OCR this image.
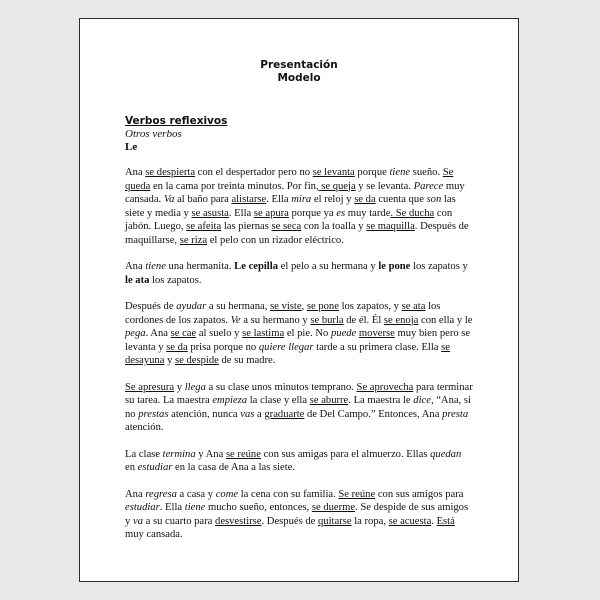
Presentación
Modelo
Verbos reflexivos
Otros verbos
Le

Ana se despierta con el despertador pero no se levanta porque tiene sueño. Se queda en la cama por treinta minutos. Por fin, se queja y se levanta. Parece muy cansada. Va al baño para alistarse. Ella mira el reloj y se da cuenta que son las siete y media y se asusta. Ella se apura porque ya es muy tarde. Se ducha con jabón. Luego, se afeita las piernas se seca con la toalla y se maquilla. Después de maquillarse, se riza el pelo con un rizador eléctrico.

Ana tiene una hermanita. Le cepilla el pelo a su hermana y le pone los zapatos y le ata los zapatos.

Después de ayudar a su hermana, se viste, se pone los zapatos, y se ata los cordones de los zapatos. Ve a su hermano y se burla de él. Él se enoja con ella y le pega. Ana se cae al suelo y se lastima el pie. No puede moverse muy bien pero se levanta y se da prisa porque no quiere llegar tarde a su primera clase. Ella se desayuna y se despide de su madre.

Se apresura y llega a su clase unos minutos temprano. Se aprovecha para terminar su tarea. La maestra empieza la clase y ella se aburre. La maestra le dice, “Ana, si no prestas atención, nunca vas a graduarte de Del Campo.” Entonces, Ana presta atención.

La clase termina y Ana se reúne con sus amigas para el almuerzo. Ellas quedan en estudiar en la casa de Ana a las siete.

Ana regresa a casa y come la cena con su familia. Se reúne con sus amigos para estudiar. Ella tiene mucho sueño, entonces, se duerme. Se despide de sus amigos y va a su cuarto para desvestirse. Después de quitarse la ropa, se acuesta. Está muy cansada.
